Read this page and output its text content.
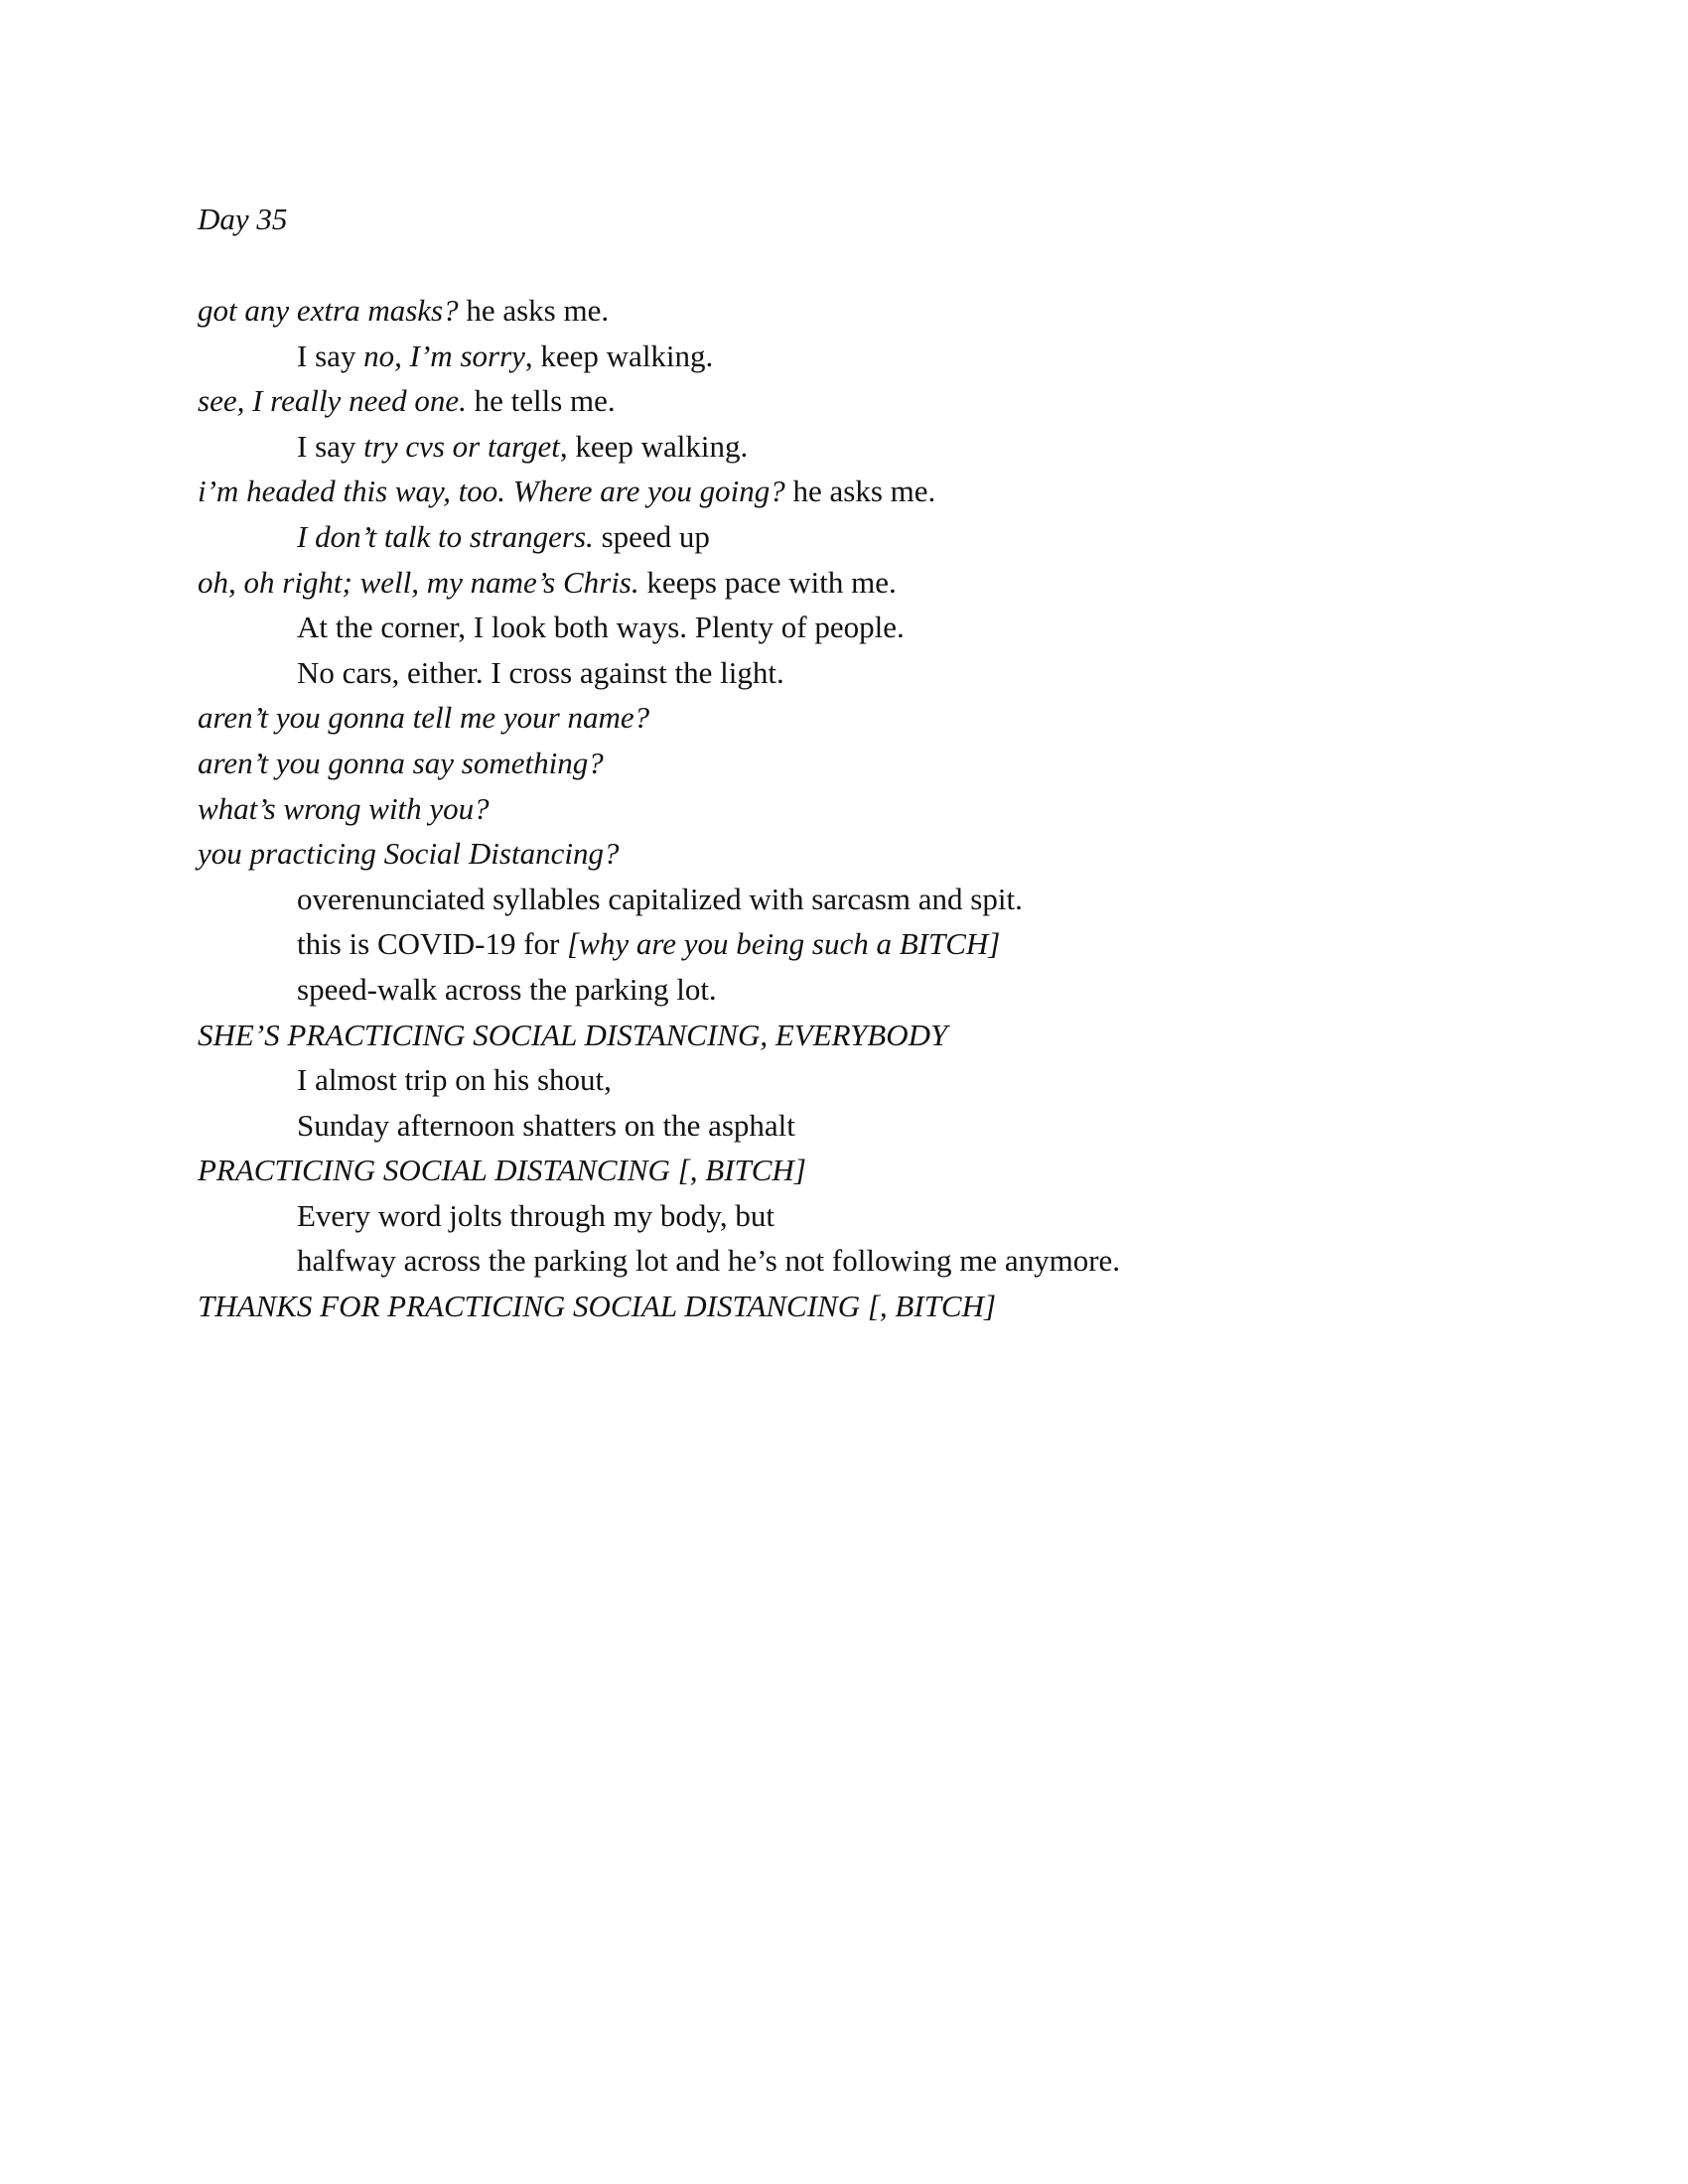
Day 35
got any extra masks? he asks me.
I say no, I’m sorry, keep walking.
see, I really need one. he tells me.
I say try cvs or target, keep walking.
i’m headed this way, too. Where are you going? he asks me.
I don’t talk to strangers. speed up
oh, oh right; well, my name’s Chris. keeps pace with me.
At the corner, I look both ways. Plenty of people.
No cars, either. I cross against the light.
aren’t you gonna tell me your name?
aren’t you gonna say something?
what’s wrong with you?
you practicing Social Distancing?
overenunciated syllables capitalized with sarcasm and spit.
this is COVID-19 for [why are you being such a BITCH]
speed-walk across the parking lot.
SHE’S PRACTICING SOCIAL DISTANCING, EVERYBODY
I almost trip on his shout,
Sunday afternoon shatters on the asphalt
PRACTICING SOCIAL DISTANCING [, BITCH]
Every word jolts through my body, but
halfway across the parking lot and he’s not following me anymore.
THANKS FOR PRACTICING SOCIAL DISTANCING [, BITCH]
